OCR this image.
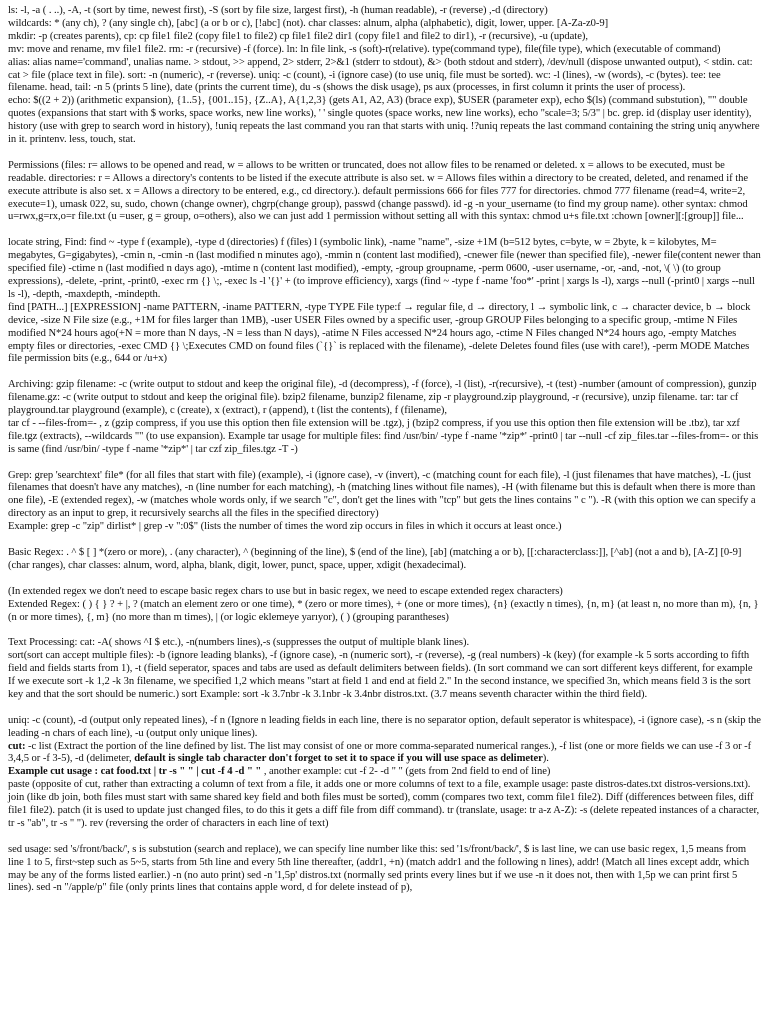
ls: -l, -a ( . ..), -A, -t (sort by time, newest first), -S (sort by file size, largest first), -h (human readable), -r (reverse) ,-d (directory)
wildcards: * (any ch), ? (any single ch), [abc] (a or b or c), [!abc] (not). char classes: alnum, alpha (alphabetic), digit, lower, upper. [A-Za-z0-9]
mkdir: -p (creates parents), cp: cp file1 file2 (copy file1 to file2) cp file1 file2 dir1 (copy file1 and file2 to dir1), -r (recursive), -u (update),
mv: move and rename, mv file1 file2. rm: -r (recursive) -f (force). ln: ln file link, -s (soft)-r(relative). type(command type), file(file type), which (executable of command)
alias: alias name='command', unalias name. > stdout, >> append, 2> stderr, 2>&1 (stderr to stdout), &> (both stdout and stderr), /dev/null (dispose unwanted output), < stdin. cat: cat > file (place text in file). sort: -n (numeric), -r (reverse). uniq: -c (count), -i (ignore case) (to use uniq, file must be sorted). wc: -l (lines), -w (words), -c (bytes). tee: tee filename. head, tail: -n 5 (prints 5 line), date (prints the current time), du -s (shows the disk usage), ps aux (processes, in first column it prints the user of process).
echo: $((2 + 2)) (arithmetic expansion), {1..5}, {001..15}, {Z..A}, A{1,2,3} (gets A1, A2, A3) (brace exp), $USER (parameter exp), echo $(ls) (command substution), "" double quotes (expansions that start with $ works, space works, new line works), ' ' single quotes (space works, new line works), echo "scale=3; 5/3" | bc. grep. id (display user identity), history (use with grep to search word in history), !uniq repeats the last command you ran that starts with uniq. !?uniq repeats the last command containing the string uniq anywhere in it. printenv. less, touch, stat.
Permissions (files: r= allows to be opened and read, w = allows to be written or truncated, does not allow files to be renamed or deleted. x = allows to be executed, must be readable. directories: r = Allows a directory's contents to be listed if the execute attribute is also set. w = Allows files within a directory to be created, deleted, and renamed if the execute attribute is also set. x = Allows a directory to be entered, e.g., cd directory.). default permissions 666 for files 777 for directories. chmod 777 filename (read=4, write=2, execute=1), umask 022, su, sudo, chown (change owner), chgrp(change group), passwd (change passwd). id -g -n your_username (to find my group name). other syntax: chmod u=rwx,g=rx,o=r file.txt (u =user, g = group, o=others), also we can just add 1 permission without setting all with this syntax: chmod u+s file.txt :chown [owner][:[group]] file...
locate string, Find: find ~ -type f (example), -type d (directories) f (files) l (symbolic link), -name "name", -size +1M (b=512 bytes, c=byte, w = 2byte, k = kilobytes, M= megabytes, G=gigabytes), -cmin n, -cmin -n (last modified n minutes ago), -mmin n (content last modified), -cnewer file (newer than specified file), -newer file(content newer than specified file) -ctime n (last modified n days ago), -mtime n (content last modified), -empty, -group groupname, -perm 0600, -user username, -or, -and, -not, \( \) (to group expressions), -delete, -print, -print0, -exec rm {} \;, -exec ls -l '{}' + (to improve efficiency), xargs (find ~ -type f -name 'foo*' -print | xargs ls -l), xargs --null (-print0 | xargs --null ls -l), -depth, -maxdepth, -mindepth.
find [PATH...] [EXPRESSION] -name PATTERN, -iname PATTERN, -type TYPE File type:f → regular file, d → directory, l → symbolic link, c → character device, b → block device, -size N File size (e.g., +1M for files larger than 1MB), -user USER Files owned by a specific user, -group GROUP Files belonging to a specific group, -mtime N Files modified N*24 hours ago(+N = more than N days, -N = less than N days), -atime N Files accessed N*24 hours ago, -ctime N Files changed N*24 hours ago, -empty Matches empty files or directories, -exec CMD {} \;Executes CMD on found files (`{}` is replaced with the filename), -delete Deletes found files (use with care!), -perm MODE Matches file permission bits (e.g., 644 or /u+x)
Archiving: gzip filename: -c (write output to stdout and keep the original file), -d (decompress), -f (force), -l (list), -r(recursive), -t (test) -number (amount of compression), gunzip filename.gz: -c (write output to stdout and keep the original file). bzip2 filename, bunzip2 filename, zip -r playground.zip playground, -r (recursive), unzip filename. tar: tar cf playground.tar playground (example), c (create), x (extract), r (append), t (list the contents), f (filename),
tar cf - --files-from=- , z (gzip compress, if you use this option then file extension will be .tgz), j (bzip2 compress, if you use this option then file extension will be .tbz), tar xzf file.tgz (extracts), --wildcards "" (to use expansion). Example tar usage for multiple files: find /usr/bin/ -type f -name '*zip*' -print0 | tar --null -cf zip_files.tar --files-from=- or this is same (find /usr/bin/ -type f -name '*zip*' | tar czf zip_files.tgz -T -)
Grep: grep 'searchtext' file* (for all files that start with file) (example), -i (ignore case), -v (invert), -c (matching count for each file), -l (just filenames that have matches), -L (just filenames that doesn't have any matches), -n (line number for each matching), -h (matching lines without file names), -H (with filename but this is default when there is more than one file), -E (extended regex), -w (matches whole words only, if we search "c", don't get the lines with "tcp" but gets the lines contains " c "). -R (with this option we can specify a directory as an input to grep, it recursively searchs all the files in the specified directory)
Example: grep -c "zip" dirlist* | grep -v ":0$" (lists the number of times the word zip occurs in files in which it occurs at least once.)
Basic Regex: . ^ $ [ ] *(zero or more), . (any character), ^ (beginning of the line), $ (end of the line), [ab] (matching a or b), [[:characterclass:]], [^ab] (not a and b), [A-Z] [0-9] (char ranges), char classes: alnum, word, alpha, blank, digit, lower, punct, space, upper, xdigit (hexadecimal).
(In extended regex we don't need to escape basic regex chars to use but in basic regex, we need to escape extended regex characters)
Extended Regex: ( ) { } ? + |, ? (match an element zero or one time), * (zero or more times), + (one or more times), {n} (exactly n times), {n, m} (at least n, no more than m), {n, } (n or more times), {, m} (no more than m times), | (or logic eklemeye yarıyor), ( ) (grouping parantheses)
Text Processing: cat: -A( shows ^I $ etc.), -n(numbers lines),-s (suppresses the output of multiple blank lines).
sort(sort can accept multiple files): -b (ignore leading blanks), -f (ignore case), -n (numeric sort), -r (reverse), -g (real numbers) -k (key) (for example -k 5 sorts according to fifth field and fields starts from 1), -t (field seperator, spaces and tabs are used as default delimiters between fields). (In sort command we can sort different keys different, for example If we execute sort -k 1,2 -k 3n filename, we specified 1,2 which means "start at field 1 and end at field 2." In the second instance, we specified 3n, which means field 3 is the sort key and that the sort should be numeric.) sort Example: sort -k 3.7nbr -k 3.1nbr -k 3.4nbr distros.txt. (3.7 means seventh character within the third field).
uniq: -c (count), -d (output only repeated lines), -f n (Ignore n leading fields in each line, there is no separator option, default seperator is whitespace), -i (ignore case), -s n (skip the leading -n chars of each line), -u (output only unique lines).
cut: -c list (Extract the portion of the line defined by list. The list may consist of one or more comma-separated numerical ranges.), -f list (one or more fields we can use -f 3 or -f 3,4,5 or -f 3-5), -d (delimeter, default is single tab character don't forget to set it to space if you will use space as delimeter).
Example cut usage : cat food.txt | tr -s " " | cut -f 4 -d " " , another example: cut -f 2- -d " " (gets from 2nd field to end of line)
paste (opposite of cut, rather than extracting a column of text from a file, it adds one or more columns of text to a file, example usage: paste distros-dates.txt distros-versions.txt). join (like db join, both files must start with same shared key field and both files must be sorted), comm (compares two text, comm file1 file2). Diff (differences between files, diff file1 file2). patch (it is used to update just changed files, to do this it gets a diff file from diff command). tr (translate, usage: tr a-z A-Z): -s (delete repeated instances of a character, tr -s "ab", tr -s " "). rev (reversing the order of characters in each line of text)
sed usage: sed 's/front/back/', s is substution (search and replace), we can specify line number like this: sed '1s/front/back/', $ is last line, we can use basic regex, 1,5 means from line 1 to 5, first~step such as 5~5, starts from 5th line and every 5th line thereafter, (addr1, +n) (match addr1 and the following n lines), addr! (Match all lines except addr, which may be any of the forms listed earlier.) -n (no auto print) sed -n '1,5p' distros.txt (normally sed prints every lines but if we use -n it does not, then with 1,5p we can print first 5 lines). sed -n "/apple/p" file (only prints lines that contains apple word, d for delete instead of p),
